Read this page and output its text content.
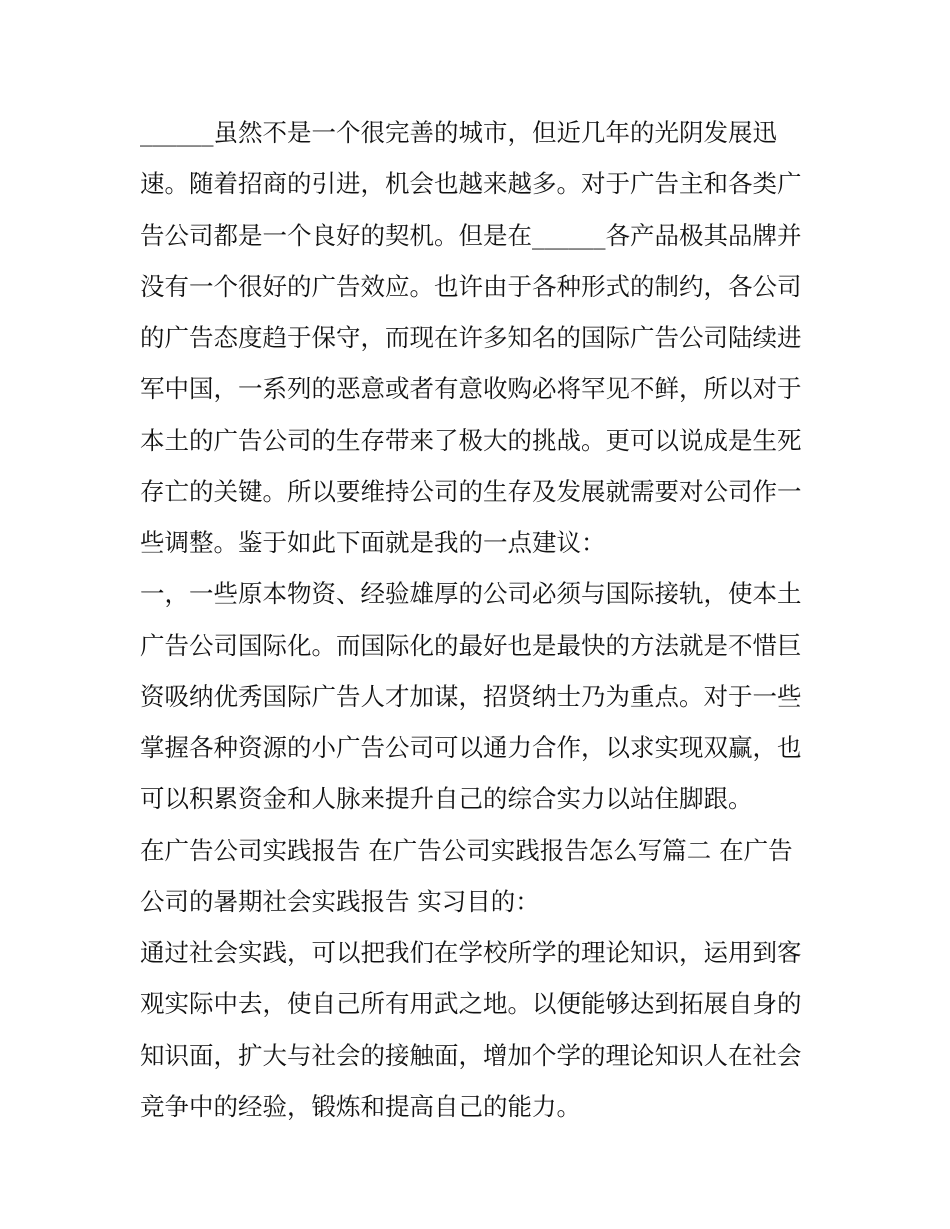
______虽然不是一个很完善的城市，但近几年的光阴发展迅
速。随着招商的引进，机会也越来越多。对于广告主和各类广
告公司都是一个良好的契机。但是在______各产品极其品牌并
没有一个很好的广告效应。也许由于各种形式的制约，各公司
的广告态度趋于保守，而现在许多知名的国际广告公司陆续进
军中国，一系列的恶意或者有意收购必将罕见不鲜，所以对于
本土的广告公司的生存带来了极大的挑战。更可以说成是生死
存亡的关键。所以要维持公司的生存及发展就需要对公司作一
些调整。鉴于如此下面就是我的一点建议：
一，一些原本物资、经验雄厚的公司必须与国际接轨，使本土
广告公司国际化。而国际化的最好也是最快的方法就是不惜巨
资吸纳优秀国际广告人才加谋，招贤纳士乃为重点。对于一些
掌握各种资源的小广告公司可以通力合作，以求实现双赢，也
可以积累资金和人脉来提升自己的综合实力以站住脚跟。
在广告公司实践报告 在广告公司实践报告怎么写篇二 在广告
公司的暑期社会实践报告 实习目的：
通过社会实践，可以把我们在学校所学的理论知识，运用到客
观实际中去，使自己所有用武之地。以便能够达到拓展自身的
知识面，扩大与社会的接触面，增加个学的理论知识人在社会
竞争中的经验，锻炼和提高自己的能力。
